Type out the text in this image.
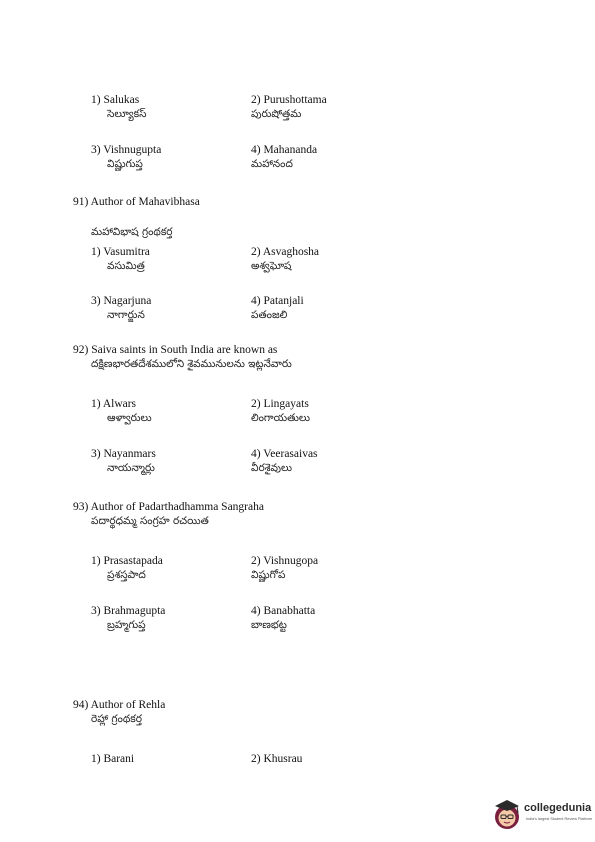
1) Salukas
సెల్యూకస్
2) Purushottama
పురుషోత్తమ
3) Vishnugupta
విష్ణుగుప్త
4) Mahananda
మహానంద
91) Author of Mahavibhasa
మహావిభాష గ్రంథకర్త
1) Vasumitra
వసుమిత్ర
2) Asvaghosha
అశ్వఘోష
3) Nagarjuna
నాగార్జున
4) Patanjali
పతంజలి
92) Saiva saints in South India are known as
దక్షిణభారతదేశములోని శైవమునులను ఇట్లనేవారు
1) Alwars
ఆళ్వారులు
2) Lingayats
లింగాయతులు
3) Nayanmars
నాయన్మార్లు
4) Veerasaivas
వీరశైవులు
93) Author of Padarthadhamma Sangraha
పదార్థధమ్మ సంగ్రహ రచయిత
1) Prasastapada
ప్రశస్తపాద
2) Vishnugopa
విష్ణుగోప
3) Brahmagupta
బ్రహ్మగుప్త
4) Banabhatta
బాణభట్ట
94) Author of Rehla
రెహ్లా గ్రంథకర్త
1) Barani	2) Khusrau
collegedunia
India's largest Student Review Platform
